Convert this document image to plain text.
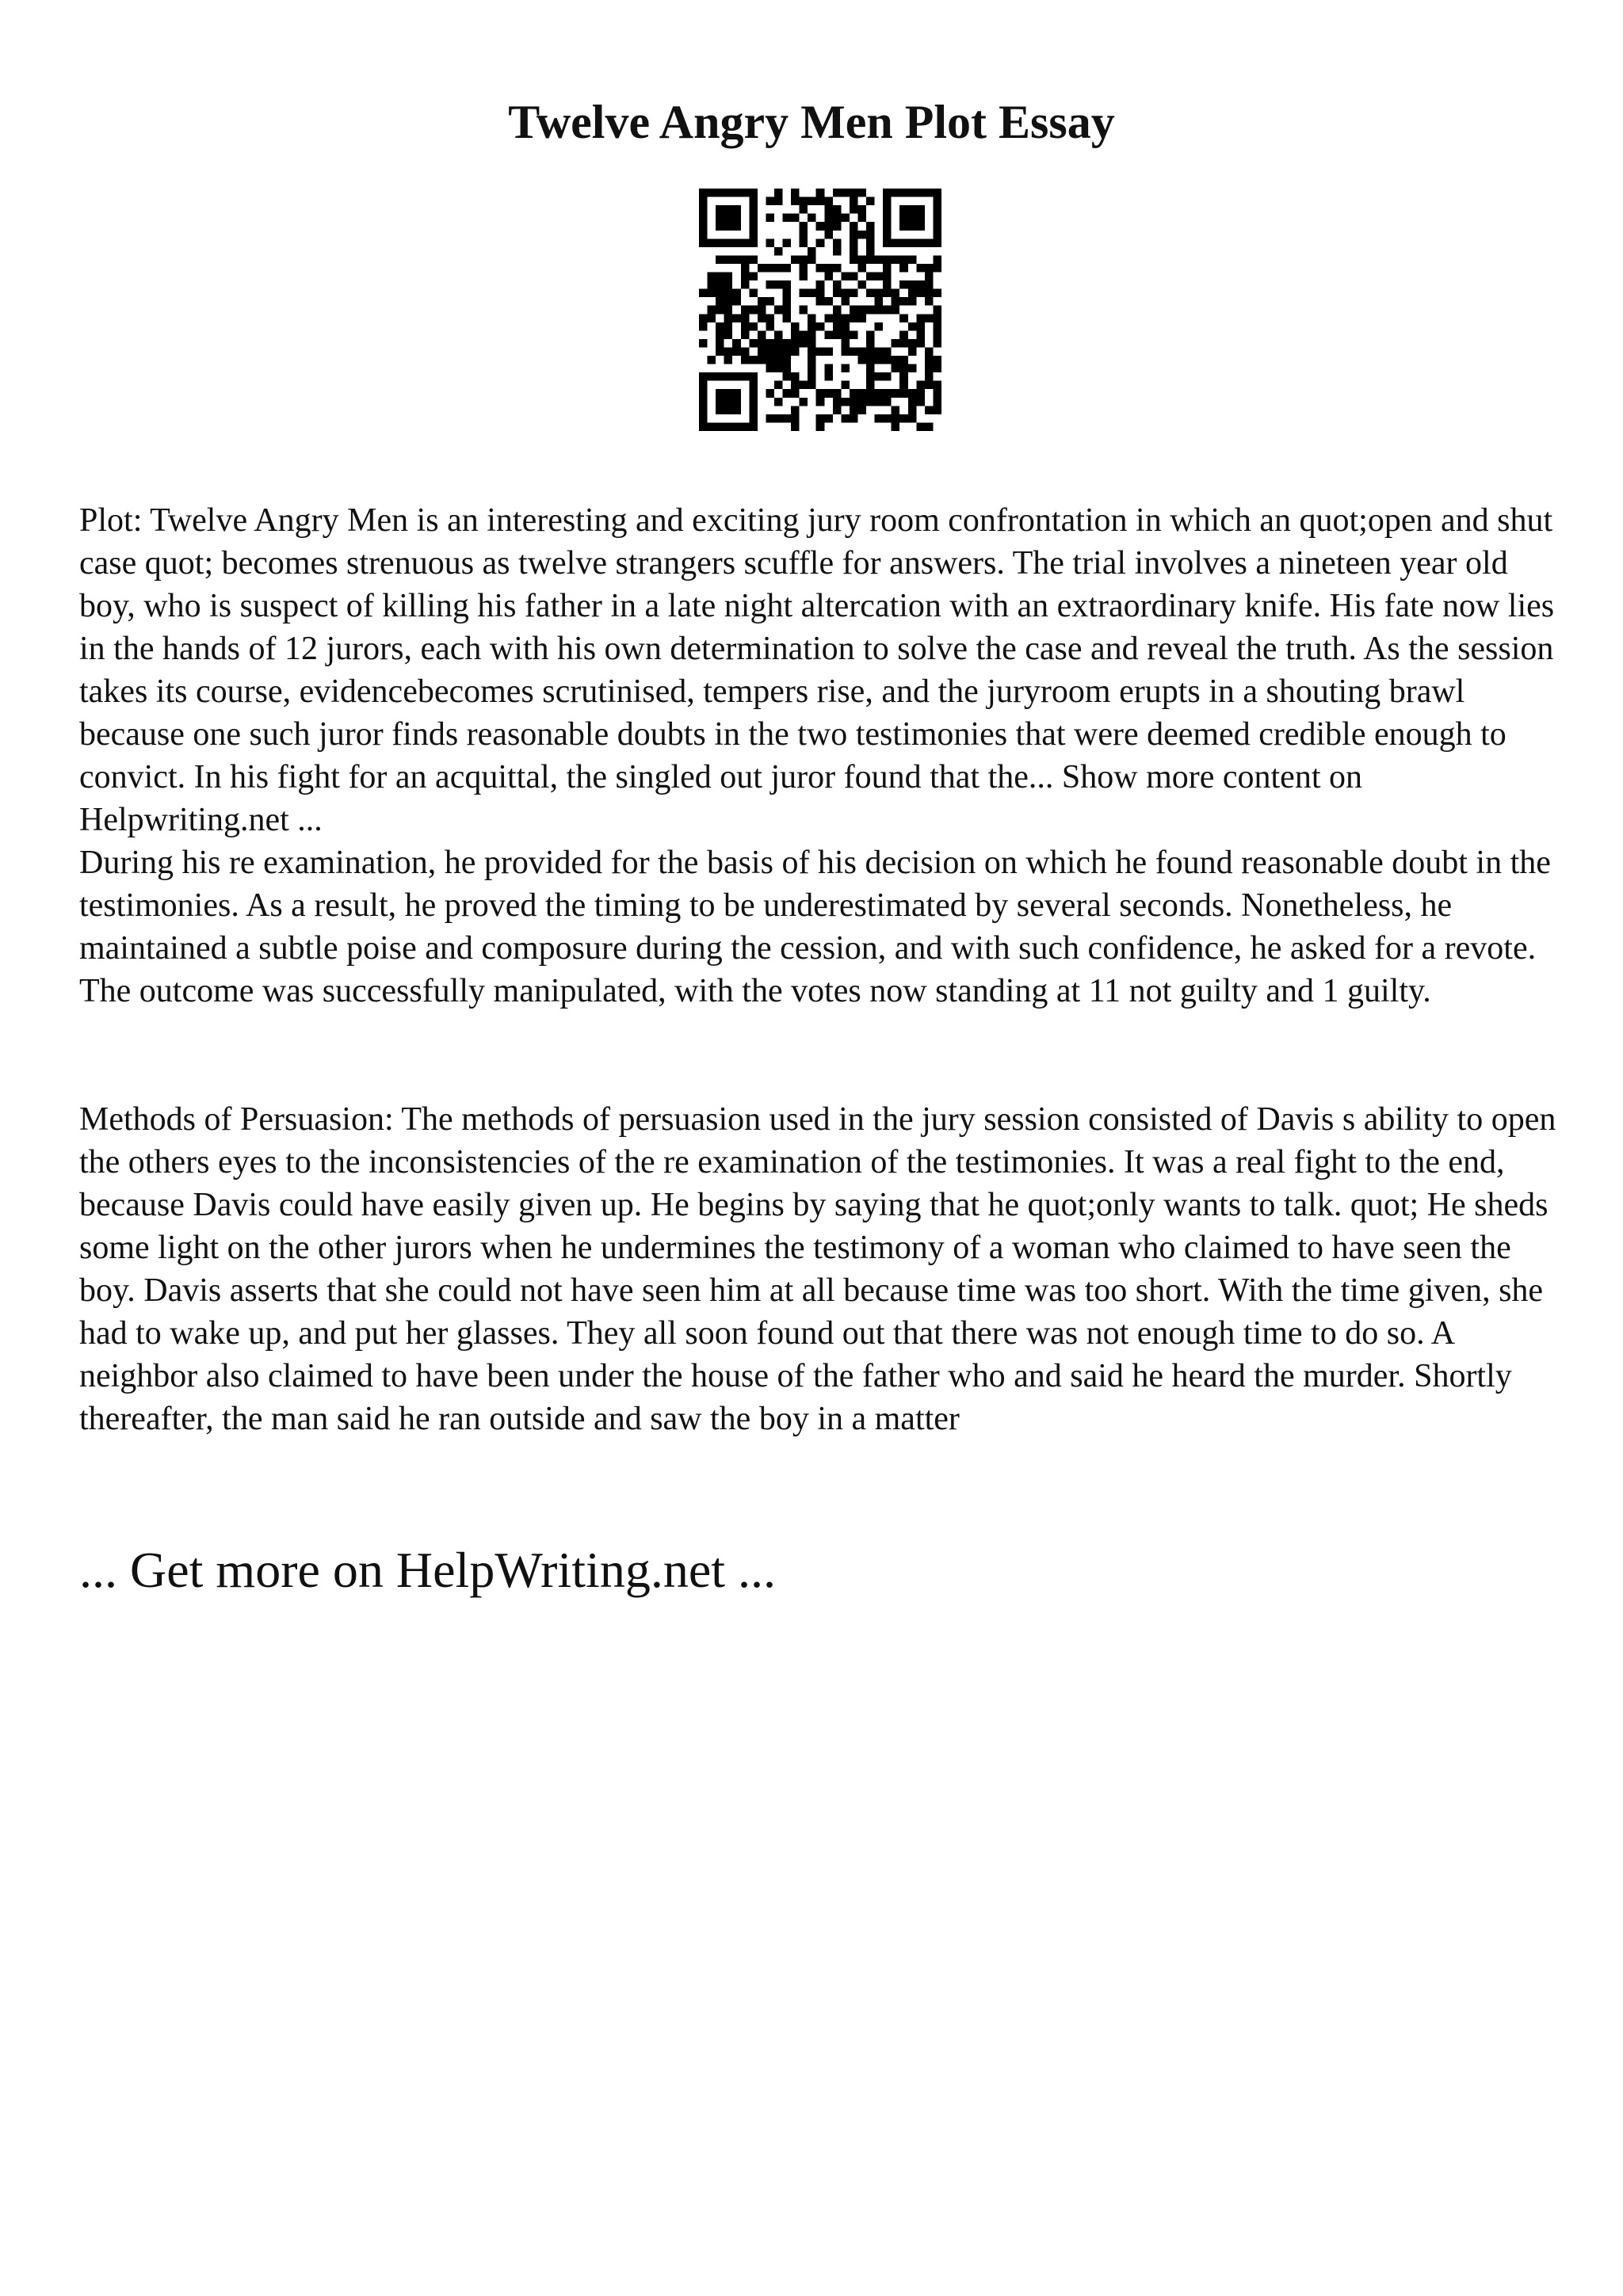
Twelve Angry Men Plot Essay

Plot: Twelve Angry Men is an interesting and exciting jury room confrontation in which an quot;open and shut case quot; becomes strenuous as twelve strangers scuffle for answers. The trial involves a nineteen year old boy, who is suspect of killing his father in a late night altercation with an extraordinary knife. His fate now lies in the hands of 12 jurors, each with his own determination to solve the case and reveal the truth. As the session takes its course, evidencebecomes scrutinised, tempers rise, and the juryroom erupts in a shouting brawl because one such juror finds reasonable doubts in the two testimonies that were deemed credible enough to convict. In his fight for an acquittal, the singled out juror found that the... Show more content on Helpwriting.net ...
During his re examination, he provided for the basis of his decision on which he found reasonable doubt in the testimonies. As a result, he proved the timing to be underestimated by several seconds. Nonetheless, he maintained a subtle poise and composure during the cession, and with such confidence, he asked for a revote. The outcome was successfully manipulated, with the votes now standing at 11 not guilty and 1 guilty.

Methods of Persuasion: The methods of persuasion used in the jury session consisted of Davis s ability to open the others eyes to the inconsistencies of the re examination of the testimonies. It was a real fight to the end, because Davis could have easily given up. He begins by saying that he quot;only wants to talk. quot; He sheds some light on the other jurors when he undermines the testimony of a woman who claimed to have seen the boy. Davis asserts that she could not have seen him at all because time was too short. With the time given, she had to wake up, and put her glasses. They all soon found out that there was not enough time to do so. A neighbor also claimed to have been under the house of the father who and said he heard the murder. Shortly thereafter, the man said he ran outside and saw the boy in a matter

... Get more on HelpWriting.net ...
